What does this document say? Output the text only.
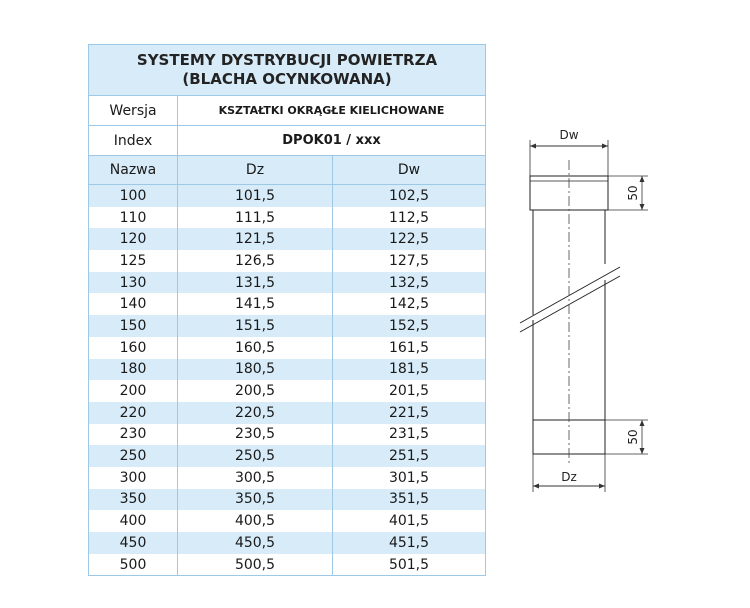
SYSTEMY DYSTRYBUCJI POWIETRZA
(BLACHA OCYNKOWANA)
Wersja	KSZTAŁTKI OKRĄGŁE KIELICHOWANE
Index	DPOK01 / xxx
Nazwa	Dz	Dw
100	101,5	102,5
110	111,5	112,5
120	121,5	122,5
125	126,5	127,5
130	131,5	132,5
140	141,5	142,5
150	151,5	152,5
160	160,5	161,5
180	180,5	181,5
200	200,5	201,5
220	220,5	221,5
230	230,5	231,5
250	250,5	251,5
300	300,5	301,5
350	350,5	351,5
400	400,5	401,5
450	450,5	451,5
500	500,5	501,5
Dw
50
50
Dz
